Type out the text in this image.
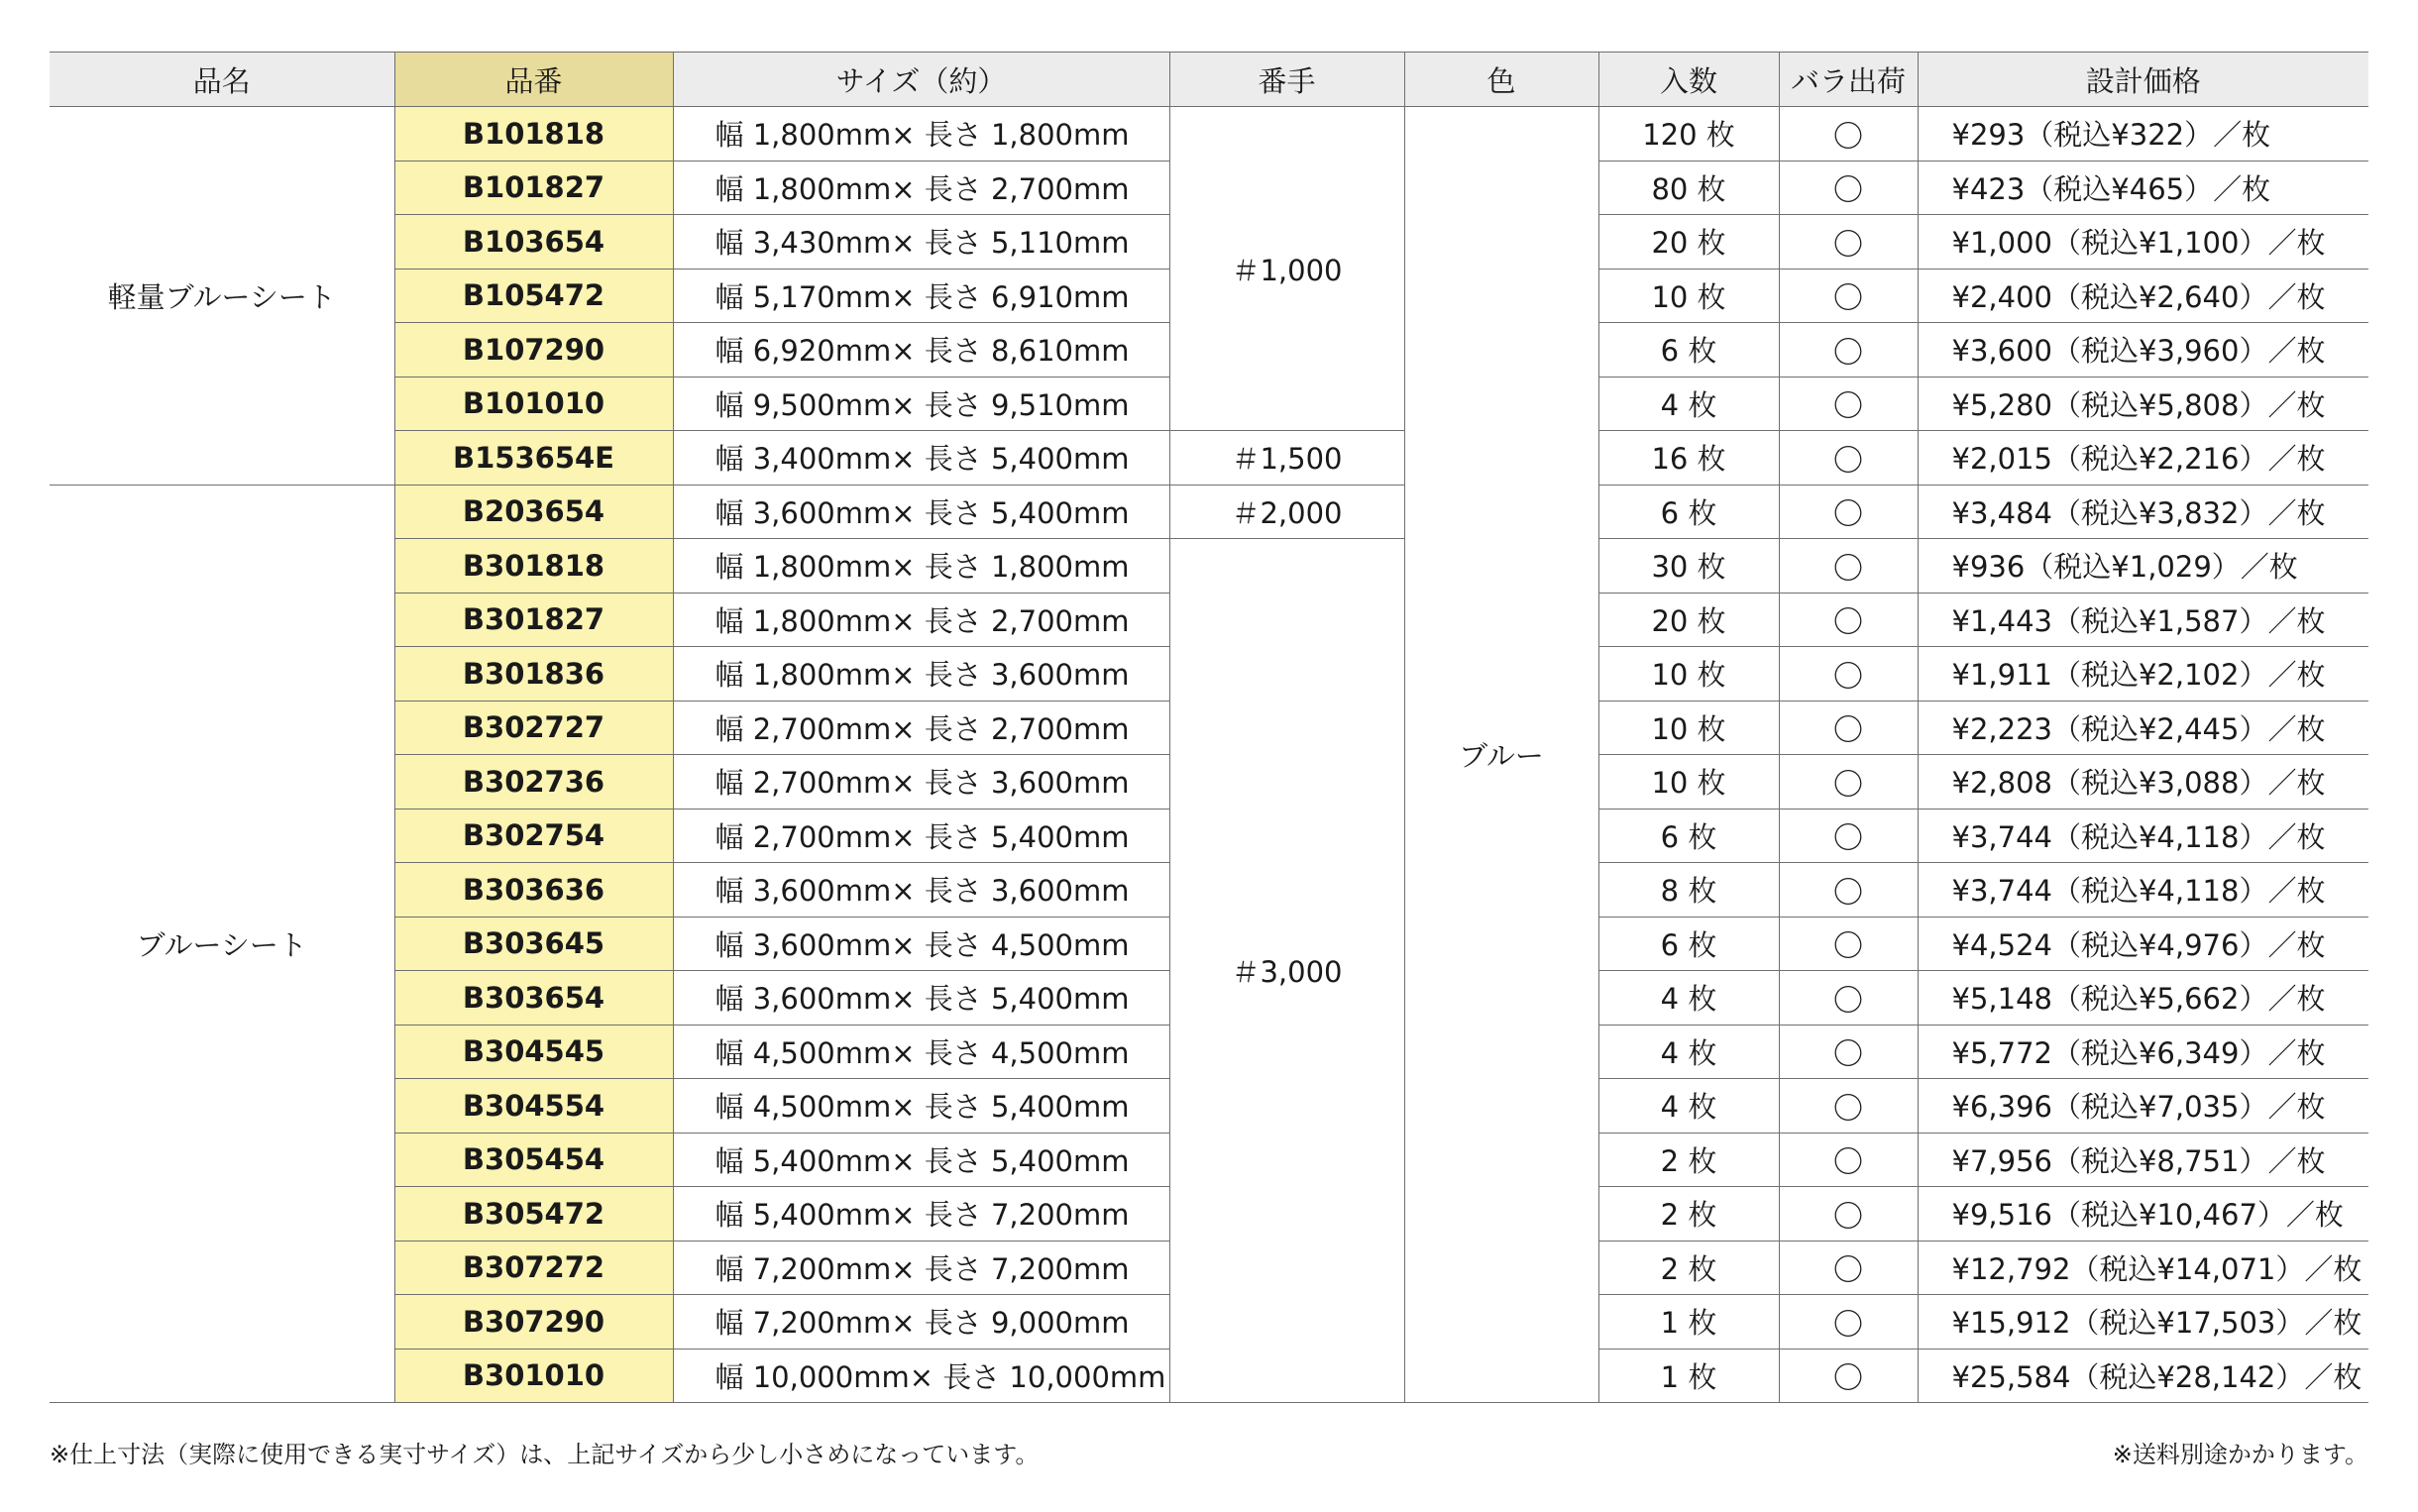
品名	品番	サイズ（約）	番手	色	入数	バラ出荷	設計価格
軽量ブルーシート	B101818	幅 1,800mm× 長さ 1,800mm	＃1,000	ブルー	120 枚	〇	¥293（税込¥322）／枚
	B101827	幅 1,800mm× 長さ 2,700mm			80 枚	〇	¥423（税込¥465）／枚
	B103654	幅 3,430mm× 長さ 5,110mm			20 枚	〇	¥1,000（税込¥1,100）／枚
	B105472	幅 5,170mm× 長さ 6,910mm			10 枚	〇	¥2,400（税込¥2,640）／枚
	B107290	幅 6,920mm× 長さ 8,610mm			6 枚	〇	¥3,600（税込¥3,960）／枚
	B101010	幅 9,500mm× 長さ 9,510mm			4 枚	〇	¥5,280（税込¥5,808）／枚
	B153654E	幅 3,400mm× 長さ 5,400mm	＃1,500		16 枚	〇	¥2,015（税込¥2,216）／枚
ブルーシート	B203654	幅 3,600mm× 長さ 5,400mm	＃2,000		6 枚	〇	¥3,484（税込¥3,832）／枚
	B301818	幅 1,800mm× 長さ 1,800mm	＃3,000		30 枚	〇	¥936（税込¥1,029）／枚
	B301827	幅 1,800mm× 長さ 2,700mm			20 枚	〇	¥1,443（税込¥1,587）／枚
	B301836	幅 1,800mm× 長さ 3,600mm			10 枚	〇	¥1,911（税込¥2,102）／枚
	B302727	幅 2,700mm× 長さ 2,700mm			10 枚	〇	¥2,223（税込¥2,445）／枚
	B302736	幅 2,700mm× 長さ 3,600mm			10 枚	〇	¥2,808（税込¥3,088）／枚
	B302754	幅 2,700mm× 長さ 5,400mm			6 枚	〇	¥3,744（税込¥4,118）／枚
	B303636	幅 3,600mm× 長さ 3,600mm			8 枚	〇	¥3,744（税込¥4,118）／枚
	B303645	幅 3,600mm× 長さ 4,500mm			6 枚	〇	¥4,524（税込¥4,976）／枚
	B303654	幅 3,600mm× 長さ 5,400mm			4 枚	〇	¥5,148（税込¥5,662）／枚
	B304545	幅 4,500mm× 長さ 4,500mm			4 枚	〇	¥5,772（税込¥6,349）／枚
	B304554	幅 4,500mm× 長さ 5,400mm			4 枚	〇	¥6,396（税込¥7,035）／枚
	B305454	幅 5,400mm× 長さ 5,400mm			2 枚	〇	¥7,956（税込¥8,751）／枚
	B305472	幅 5,400mm× 長さ 7,200mm			2 枚	〇	¥9,516（税込¥10,467）／枚
	B307272	幅 7,200mm× 長さ 7,200mm			2 枚	〇	¥12,792（税込¥14,071）／枚
	B307290	幅 7,200mm× 長さ 9,000mm			1 枚	〇	¥15,912（税込¥17,503）／枚
	B301010	幅 10,000mm× 長さ 10,000mm			1 枚	〇	¥25,584（税込¥28,142）／枚
※仕上寸法（実際に使用できる実寸サイズ）は、上記サイズから少し小さめになっています。	※送料別途かかります。
